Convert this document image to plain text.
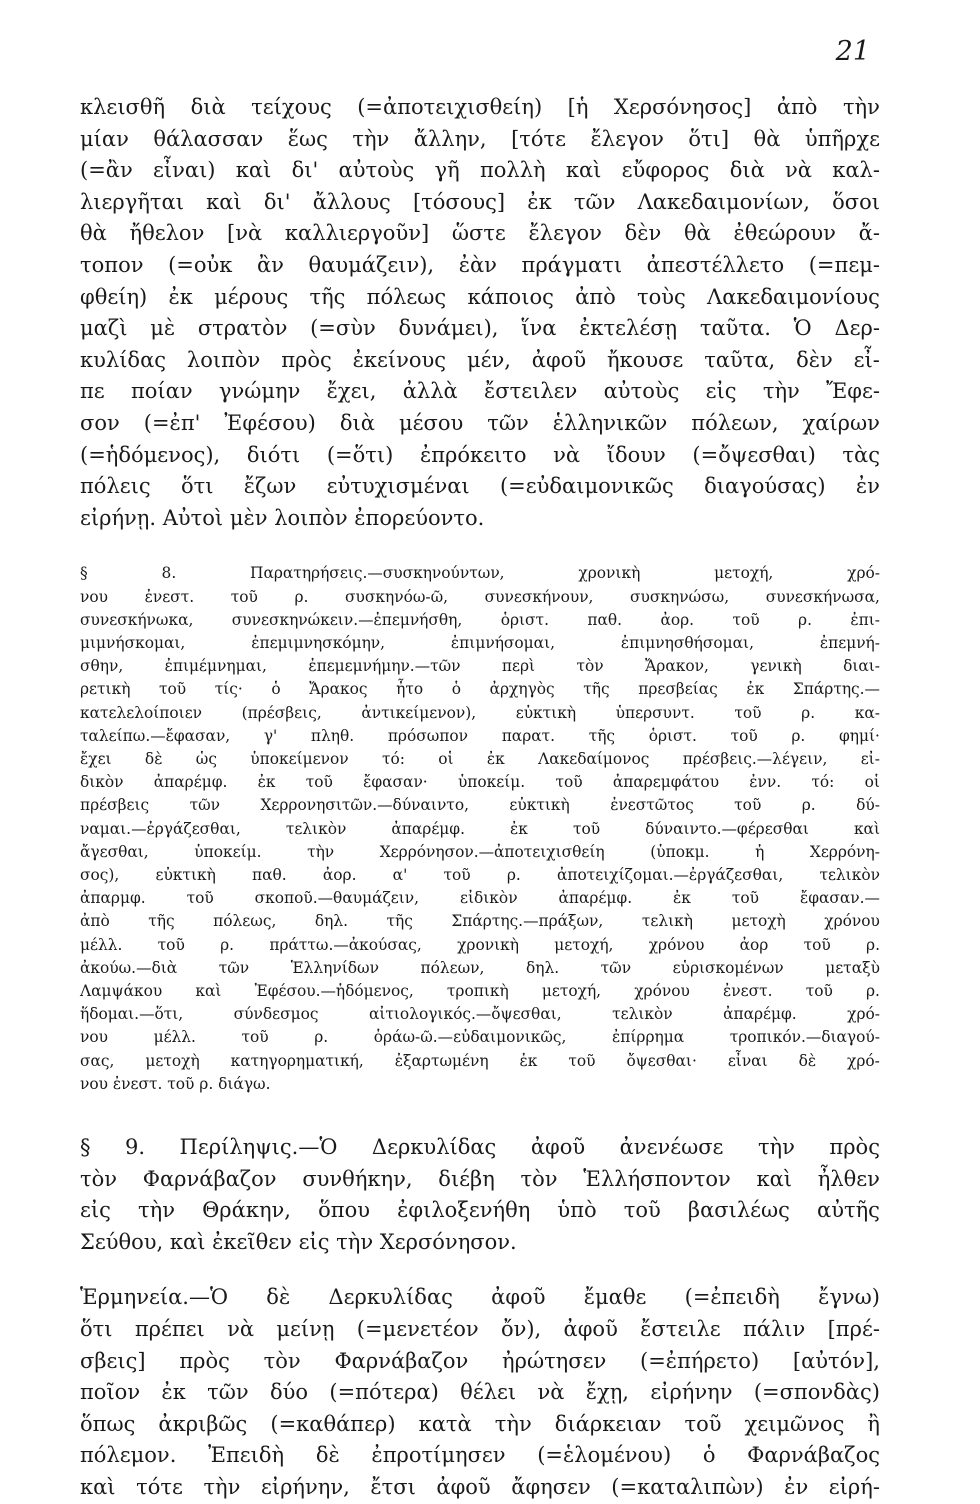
21
κλεισθῆ διὰ τείχους (=ἀποτειχισθείη) [ἡ Χερσόνησος] ἀπὸ τὴν
μίαν θάλασσαν ἕως τὴν ἄλλην, [τότε ἔλεγον ὅτι] θὰ ὑπῆρχε
(=ἂν εἶναι) καὶ δι' αὐτοὺς γῆ πολλὴ καὶ εὔφορος διὰ νὰ καλ-
λιεργῆται καὶ δι' ἄλλους [τόσους] ἐκ τῶν Λακεδαιμονίων, ὅσοι
θὰ ἤθελον [νὰ καλλιεργοῦν] ὥστε ἔλεγον δὲν θὰ ἐθεώρουν ἄ-
τοπον (=οὐκ ἂν θαυμάζειν), ἐὰν πράγματι ἀπεστέλλετο (=πεμ-
φθείη) ἐκ μέρους τῆς πόλεως κάποιος ἀπὸ τοὺς Λακεδαιμονίους
μαζὶ μὲ στρατὸν (=σὺν δυνάμει), ἵνα ἐκτελέσῃ ταῦτα. Ὁ Δερ-
κυλίδας λοιπὸν πρὸς ἐκείνους μέν, ἀφοῦ ἤκουσε ταῦτα, δὲν εἶ-
πε ποίαν γνώμην ἔχει, ἀλλὰ ἔστειλεν αὐτοὺς εἰς τὴν Ἔφε-
σον (=ἐπ' Ἐφέσου) διὰ μέσου τῶν ἑλληνικῶν πόλεων, χαίρων
(=ἡδόμενος), διότι (=ὅτι) ἐπρόκειτο νὰ ἴδουν (=ὄψεσθαι) τὰς
πόλεις ὅτι ἔζων εὐτυχισμέναι (=εὐδαιμονικῶς διαγούσας) ἐν
εἰρήνῃ. Αὐτοὶ μὲν λοιπὸν ἐπορεύοντο.
§	8.	Παρατηρήσεις.—συσκηνούντων,	χρονικὴ	μετοχή,	χρό-
νου ἐνεστ. τοῦ ρ. συσκηνόω-ῶ, συνεσκήνουν, συσκηνώσω, συνεσκήνωσα,
συνεσκήνωκα, συνεσκηνώκειν.—ἐπεμνήσθη, ὁριστ. παθ. ἀορ. τοῦ ρ. ἐπι-
μιμνήσκομαι,	ἐπεμιμνησκόμην,	ἐπιμνήσομαι,	ἐπιμνησθήσομαι,	ἐπεμνή-
σθην,	ἐπιμέμνημαι,	ἐπεμεμνήμην.—τῶν	περὶ	τὸν	Ἄρακον,	γενικὴ	διαι-
ρετικὴ τοῦ τίς· ὁ Ἄρακος ἦτο ὁ ἀρχηγὸς τῆς πρεσβείας ἐκ Σπάρτης.—
κατελελοίποιεν	(πρέσβεις,	ἀντικείμενον),	εὐκτικὴ	ὑπερσυντ.	τοῦ	ρ.	κα-
ταλείπω.—ἔφασαν, γ' πληθ. πρόσωπον παρατ. τῆς ὁριστ. τοῦ ρ. φημί·
ἔχει δὲ ὡς ὑποκείμενον τό: οἱ ἐκ Λακεδαίμονος πρέσβεις.—λέγειν, εἰ-
δικὸν ἀπαρέμφ. ἐκ τοῦ ἔφασαν· ὑποκείμ. τοῦ ἀπαρεμφάτου ἐνν. τό: οἱ
πρέσβεις	τῶν	Χερρονησιτῶν.—δύναιντο,	εὐκτικὴ	ἐνεστῶτος	τοῦ	ρ.	δύ-
ναμαι.—ἐργάζεσθαι,	τελικὸν	ἀπαρέμφ.	ἐκ	τοῦ	δύναιντο.—φέρεσθαι	καὶ
ἄγεσθαι,	ὑποκείμ.	τὴν	Χερρόνησον.—ἀποτειχισθείη	(ὑποκμ.	ἡ	Χερρόνη-
σος), εὐκτικὴ παθ. ἀορ. α' τοῦ ρ. ἀποτειχίζομαι.—ἐργάζεσθαι, τελικὸν
ἀπαρμφ.	τοῦ	σκοποῦ.—θαυμάζειν,	εἰδικὸν	ἀπαρέμφ.	ἐκ	τοῦ	ἔφασαν.—
ἀπὸ	τῆς	πόλεως,	δηλ.	τῆς	Σπάρτης.—πράξων,	τελικὴ	μετοχὴ	χρόνου
μέλλ. τοῦ ρ. πράττω.—ἀκούσας, χρονικὴ μετοχή, χρόνου ἀορ τοῦ ρ.
ἀκούω.—διὰ	τῶν	Ἑλληνίδων	πόλεων,	δηλ.	τῶν	εὑρισκομένων	μεταξὺ
Λαμψάκου καὶ Ἐφέσου.—ἡδόμενος, τροπικὴ μετοχή, χρόνου ἐνεστ. τοῦ ρ.
ἥδομαι.—ὅτι,	σύνδεσμος	αἰτιολογικός.—ὄψεσθαι,	τελικὸν	ἀπαρέμφ.	χρό-
νου	μέλλ.	τοῦ	ρ.	ὁράω-ῶ.—εὐδαιμονικῶς,	ἐπίρρημα	τροπικόν.—διαγού-
σας, μετοχὴ κατηγορηματική, ἐξαρτωμένη ἐκ τοῦ ὄψεσθαι· εἶναι δὲ χρό-
νου ἐνεστ. τοῦ ρ. διάγω.
§ 9. Περίληψις.—Ὁ Δερκυλίδας ἀφοῦ ἀνενέωσε τὴν πρὸς
τὸν Φαρνάβαζον συνθήκην, διέβη τὸν Ἑλλήσποντον καὶ ἦλθεν
εἰς τὴν Θράκην, ὅπου ἐφιλοξενήθη ὑπὸ τοῦ βασιλέως αὐτῆς
Σεύθου, καὶ ἐκεῖθεν εἰς τὴν Χερσόνησον.
Ἑρμηνεία.—Ὁ δὲ Δερκυλίδας ἀφοῦ ἔμαθε (=ἐπειδὴ ἔγνω)
ὅτι πρέπει νὰ μείνῃ (=μενετέον ὄν), ἀφοῦ ἔστειλε πάλιν [πρέ-
σβεις] πρὸς τὸν Φαρνάβαζον ἠρώτησεν (=ἐπήρετο) [αὐτόν],
ποῖον ἐκ τῶν δύο (=πότερα) θέλει νὰ ἔχῃ, εἰρήνην (=σπονδὰς)
ὅπως ἀκριβῶς (=καθάπερ) κατὰ τὴν διάρκειαν τοῦ χειμῶνος ἢ
πόλεμον. Ἐπειδὴ δὲ ἐπροτίμησεν (=ἑλομένου) ὁ Φαρνάβαζος
καὶ τότε τὴν εἰρήνην, ἔτσι ἀφοῦ ἄφησεν (=καταλιπὼν) ἐν εἰρή-
